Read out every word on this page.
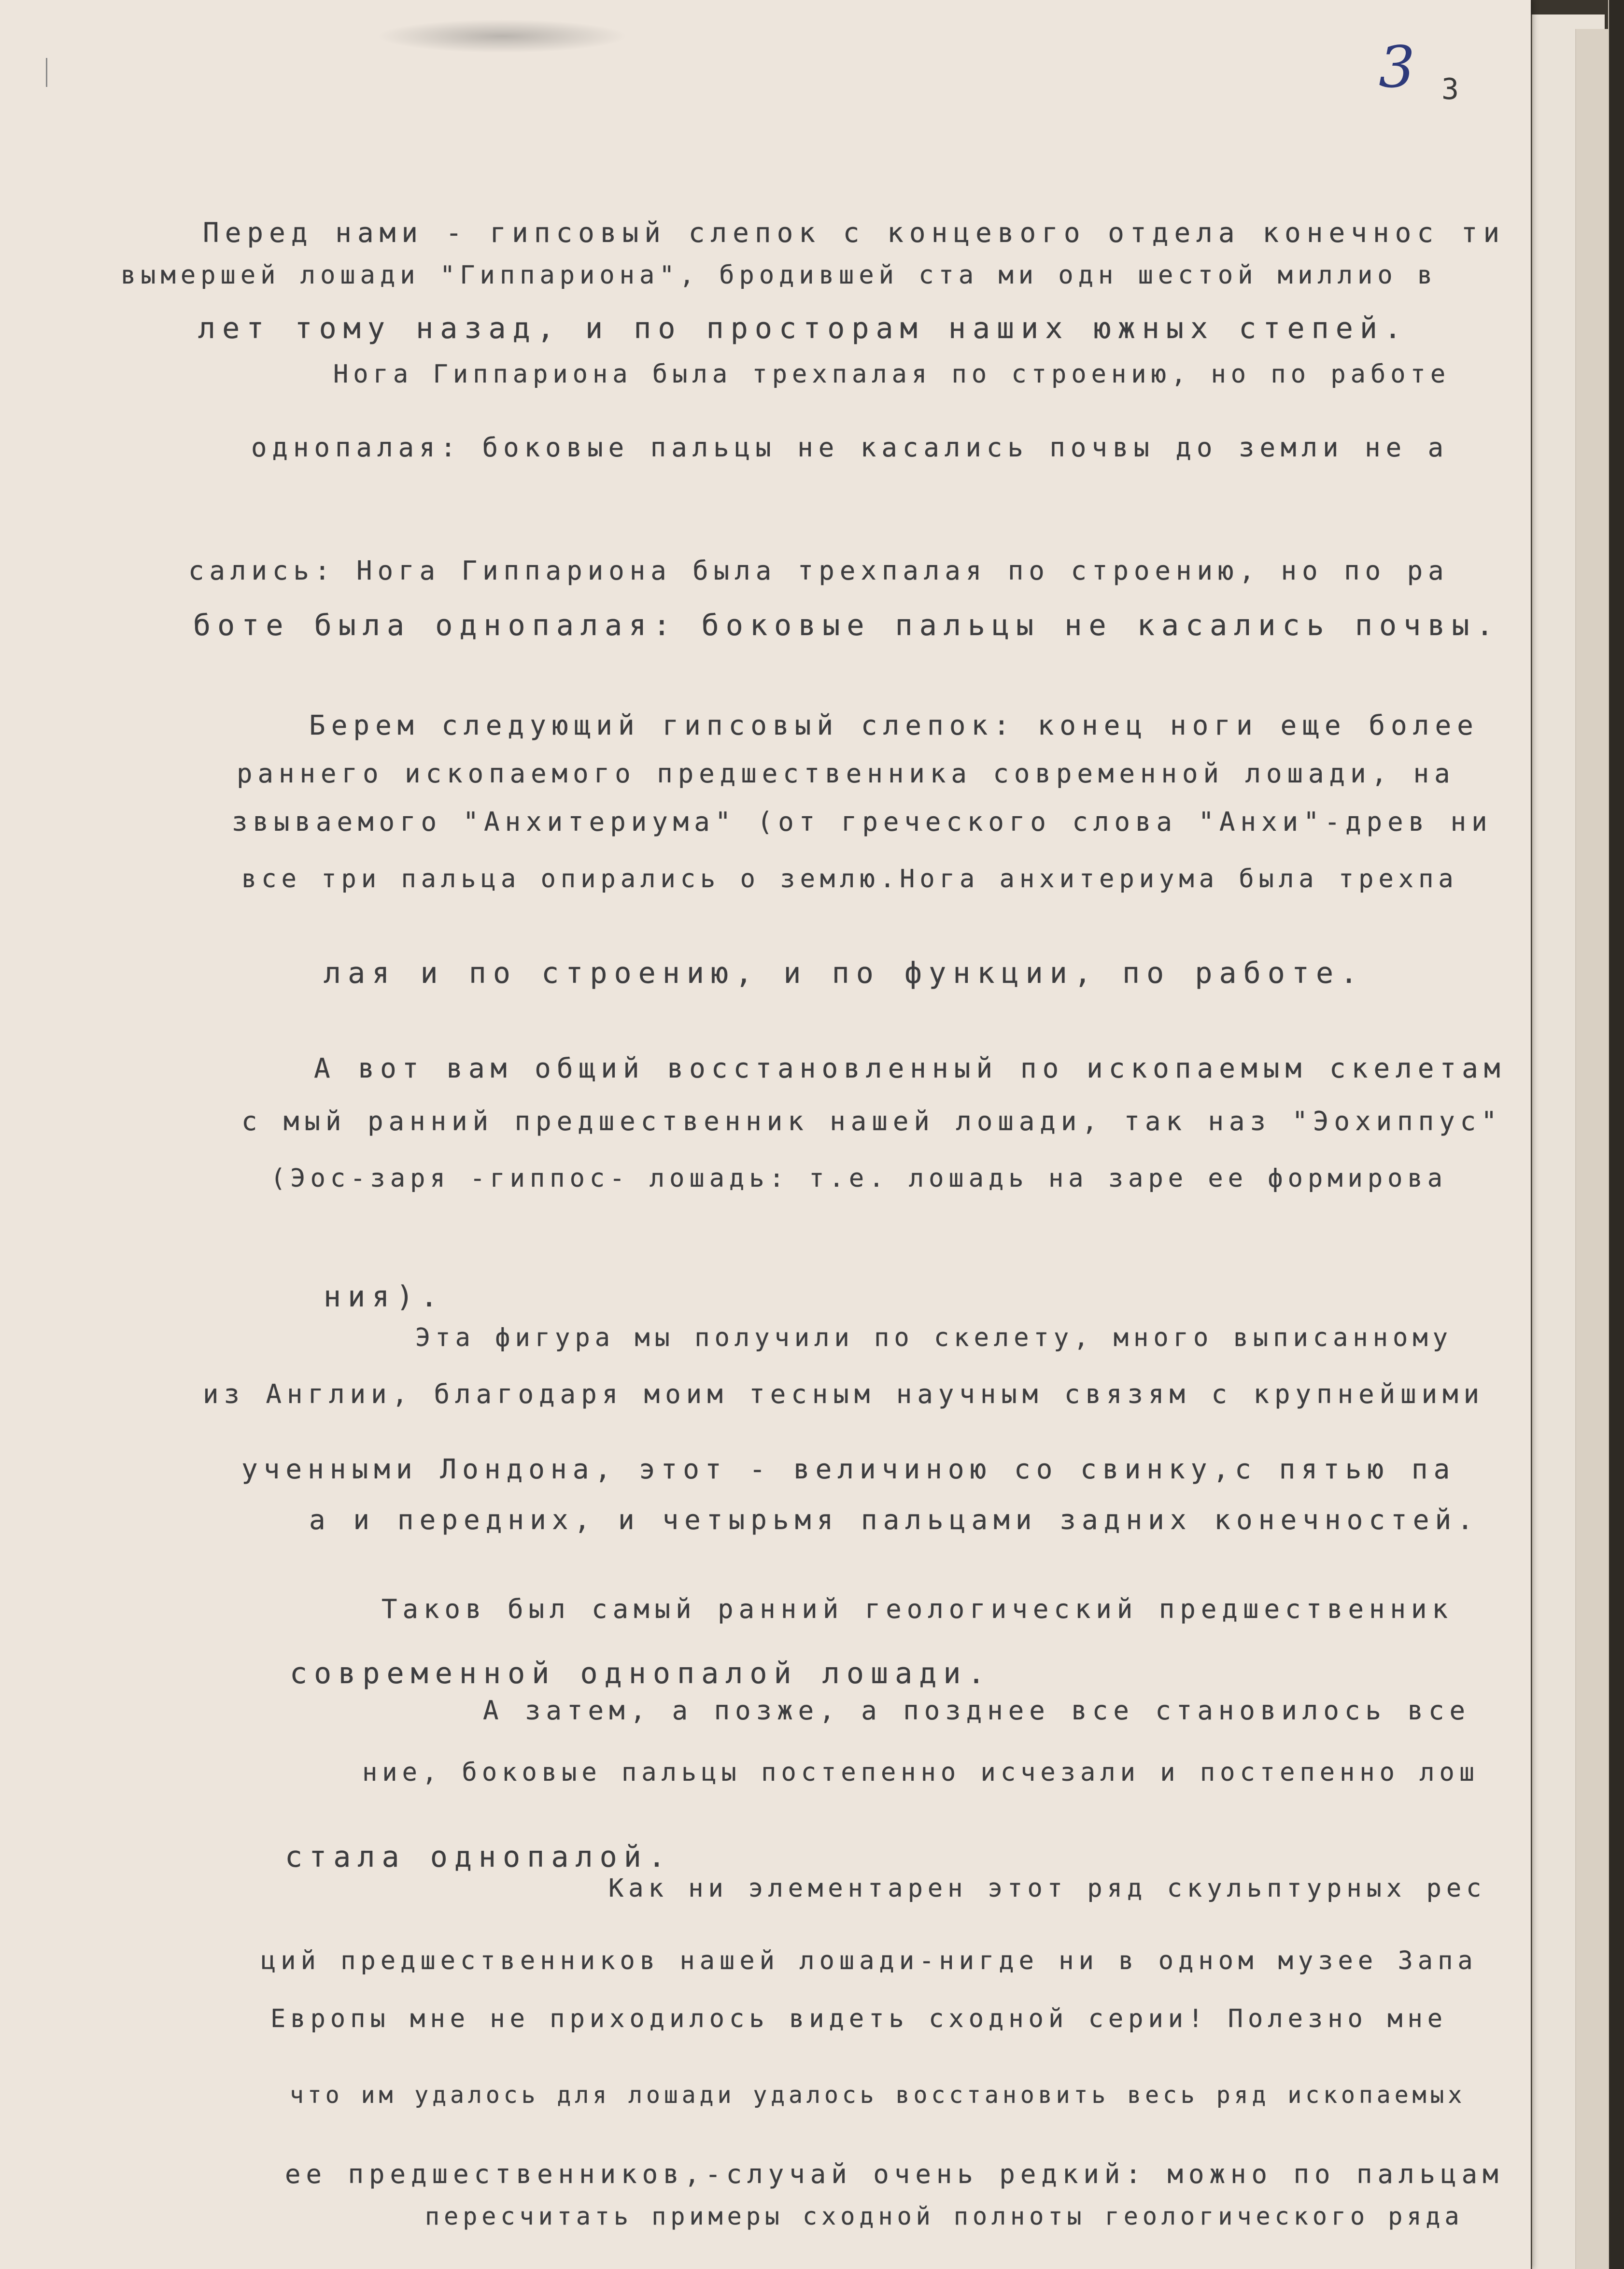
3 3
Перед нами - гипсовый слепок с концевого отдела конечнос ти
вымершей лошади "Гиппариона", бродившей ста ми одн шестой миллио в
лет тому назад, и по просторам наших южных степей.
Нога Гиппариона была трехпалая по строению, но по работе
однопалая: боковые пальцы не касались почвы до земли не а
сались: Нога Гиппариона была трехпалая по строению, но по ра
боте была однопалая: боковые пальцы не касались почвы.
Берем следующий гипсовый слепок: конец ноги еще более
раннего ископаемого предшественника современной лошади, на
звываемого "Анхитериума" (от греческого слова "Анхи"-древ ни
все три пальца опирались о землю.Нога анхитериума была трехпа
лая и по строению, и по функции, по работе.
А вот вам общий восстановленный по ископаемым скелетам
с мый ранний предшественник нашей лошади, так наз "Эохиппус"
(Эос-заря -гиппос- лошадь: т.е. лошадь на заре ее формирова
ния).
Эта фигура мы получили по скелету, много выписанному
из Англии, благодаря моим тесным научным связям с крупнейшими
ученными Лондона, этот - величиною со свинку,с пятью па
а и передних, и четырьмя пальцами задних конечностей.
Таков был самый ранний геологический предшественник
современной однопалой лошади.
А затем, а позже, а позднее все становилось все
ние, боковые пальцы постепенно исчезали и постепенно лош
стала однопалой.
Как ни элементарен этот ряд скульптурных рес
ций предшественников нашей лошади-нигде ни в одном музее Запа
Европы мне не приходилось видеть сходной серии! Полезно мне
что им удалось для лошади удалось восстановить весь ряд ископаемых
ее предшественников,-случай очень редкий: можно по пальцам
пересчитать примеры сходной полноты геологического ряда
